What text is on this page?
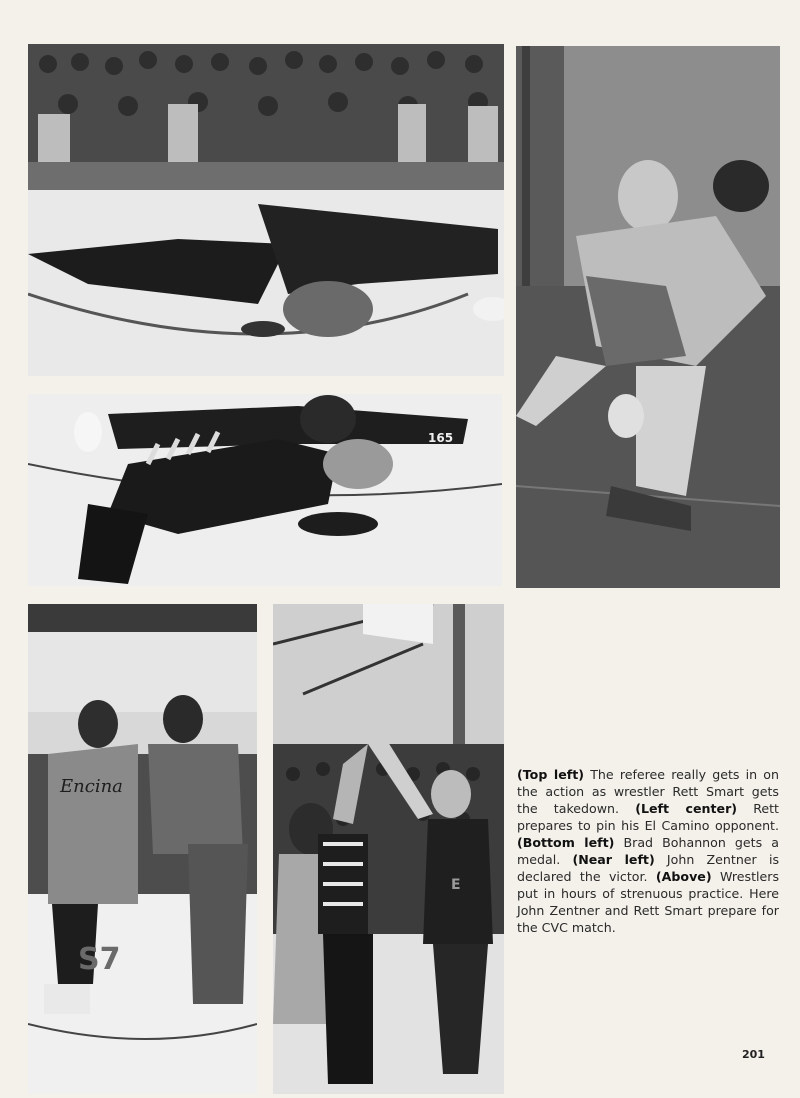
165
Encina
S7
E
(Top left) The referee really gets in on the action as wrestler Rett Smart gets the takedown. (Left center) Rett prepares to pin his El Camino opponent. (Bottom left) Brad Bohannon gets a medal. (Near left) John Zentner is declared the victor. (Above) Wrestlers put in hours of strenuous practice. Here John Zentner and Rett Smart prepare for the CVC match.
201
